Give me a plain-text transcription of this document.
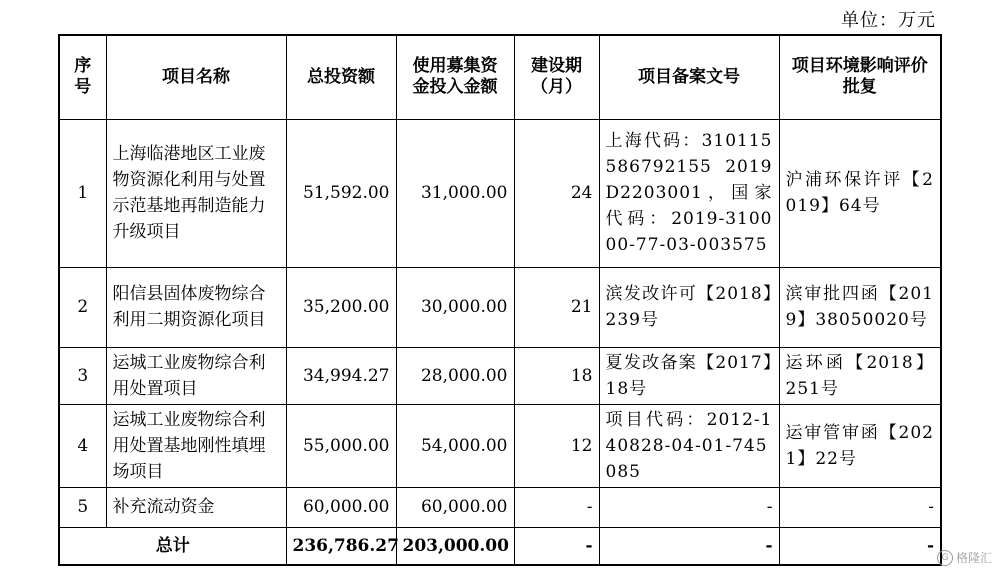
单位：万元
序号	项目名称	总投资额	使用募集资金投入金额	建设期（月）	项目备案文号	项目环境影响评价批复
1	上海临港地区工业废物资源化利用与处置示范基地再制造能力升级项目	51,592.00	31,000.00	24	上海代码：310115586792155 2019D2203001，国家代码：2019-310000-77-03-003575	沪浦环保许评【2019】64号
2	阳信县固体废物综合利用二期资源化项目	35,200.00	30,000.00	21	滨发改许可【2018】239号	滨审批四函【2019】38050020号
3	运城工业废物综合利用处置项目	34,994.27	28,000.00	18	夏发改备案【2017】18号	运环函【2018】251号
4	运城工业废物综合利用处置基地刚性填埋场项目	55,000.00	54,000.00	12	项目代码：2012-140828-04-01-745085	运审管审函【2021】22号
5	补充流动资金	60,000.00	60,000.00	-	-	-
总计		236,786.27	203,000.00	-	-	-
G 格隆汇
